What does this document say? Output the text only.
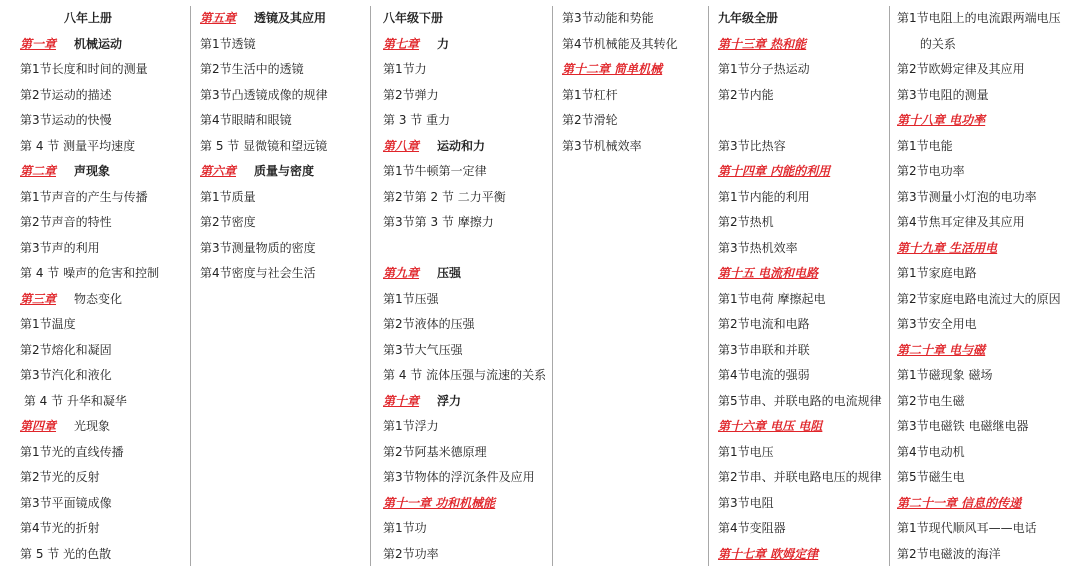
八年上册
第一章 机械运动
第1节长度和时间的测量
第2节运动的描述
第3节运动的快慢
第 4 节 测量平均速度
第二章 声现象
第1节声音的产生与传播
第2节声音的特性
第3节声的利用
第 4 节 噪声的危害和控制
第三章 物态变化
第1节温度
第2节熔化和凝固
第3节汽化和液化
第 4 节 升华和凝华
第四章 光现象
第1节光的直线传播
第2节光的反射
第3节平面镜成像
第4节光的折射
第 5 节 光的色散
第五章 透镜及其应用
第1节透镜
第2节生活中的透镜
第3节凸透镜成像的规律
第4节眼睛和眼镜
第 5 节 显微镜和望远镜
第六章 质量与密度
第1节质量
第2节密度
第3节测量物质的密度
第4节密度与社会生活
八年级下册
第七章 力
第1节力
第2节弹力
第 3 节 重力
第八章 运动和力
第1节牛顿第一定律
第2节第 2 节 二力平衡
第3节第 3 节 摩擦力
第九章 压强
第1节压强
第2节液体的压强
第3节大气压强
第 4 节 流体压强与流速的关系
第十章 浮力
第1节浮力
第2节阿基米德原理
第3节物体的浮沉条件及应用
第十一章 功和机械能
第1节功
第2节功率
第3节动能和势能
第4节机械能及其转化
第十二章 简单机械
第1节杠杆
第2节滑轮
第3节机械效率
九年级全册
第十三章 热和能
第1节分子热运动
第2节内能
第3节比热容
第十四章 内能的利用
第1节内能的利用
第2节热机
第3节热机效率
第十五 电流和电路
第1节电荷 摩擦起电
第2节电流和电路
第3节串联和并联
第4节电流的强弱
第5节串、并联电路的电流规律
第十六章 电压 电阻
第1节电压
第2节串、并联电路电压的规律
第3节电阻
第4节变阻器
第十七章 欧姆定律
第1节电阻上的电流跟两端电压
的关系
第2节欧姆定律及其应用
第3节电阻的测量
第十八章 电功率
第1节电能
第2节电功率
第3节测量小灯泡的电功率
第4节焦耳定律及其应用
第十九章 生活用电
第1节家庭电路
第2节家庭电路电流过大的原因
第3节安全用电
第二十章 电与磁
第1节磁现象 磁场
第2节电生磁
第3节电磁铁 电磁继电器
第4节电动机
第5节磁生电
第二十一章 信息的传递
第1节现代顺风耳——电话
第2节电磁波的海洋
